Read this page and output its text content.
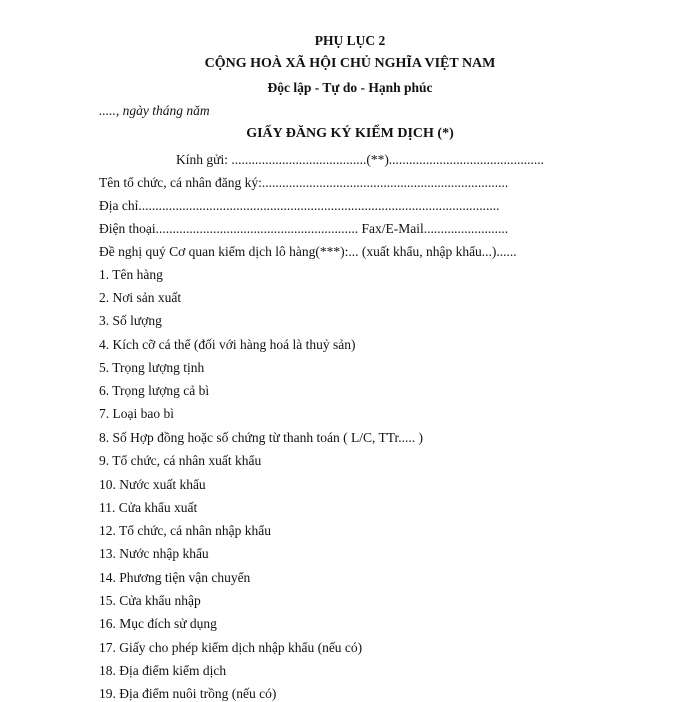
PHỤ LỤC 2
CỘNG HOÀ XÃ HỘI CHỦ NGHĨA VIỆT NAM
Độc lập - Tự do - Hạnh phúc
....., ngày tháng năm
GIẤY ĐĂNG KÝ KIỂM DỊCH (*)
Kính gửi: ........................................(**)..............................................
Tên tổ chức, cá nhân đăng ký:.........................................................................
Địa chỉ...........................................................................................................
Điện thoại............................................................ Fax/E-Mail.........................
Đề nghị quý Cơ quan kiểm dịch lô hàng(***):... (xuất khẩu, nhập khẩu...)......
1. Tên hàng
2. Nơi sản xuất
3. Số lượng
4. Kích cỡ cá thể (đối với hàng hoá là thuỷ sản)
5. Trọng lượng tịnh
6. Trọng lượng cả bì
7. Loại bao bì
8. Số Hợp đồng hoặc số chứng từ thanh toán ( L/C, TTr..... )
9. Tổ chức, cá nhân xuất khẩu
10. Nước xuất khẩu
11. Cửa khẩu xuất
12. Tổ chức, cá nhân nhập khẩu
13. Nước nhập khẩu
14. Phương tiện vận chuyển
15. Cửa khẩu nhập
16. Mục đích sử dụng
17. Giấy cho phép kiểm dịch nhập khẩu (nếu có)
18. Địa điểm kiểm dịch
19. Địa điểm nuôi trồng (nếu có)
